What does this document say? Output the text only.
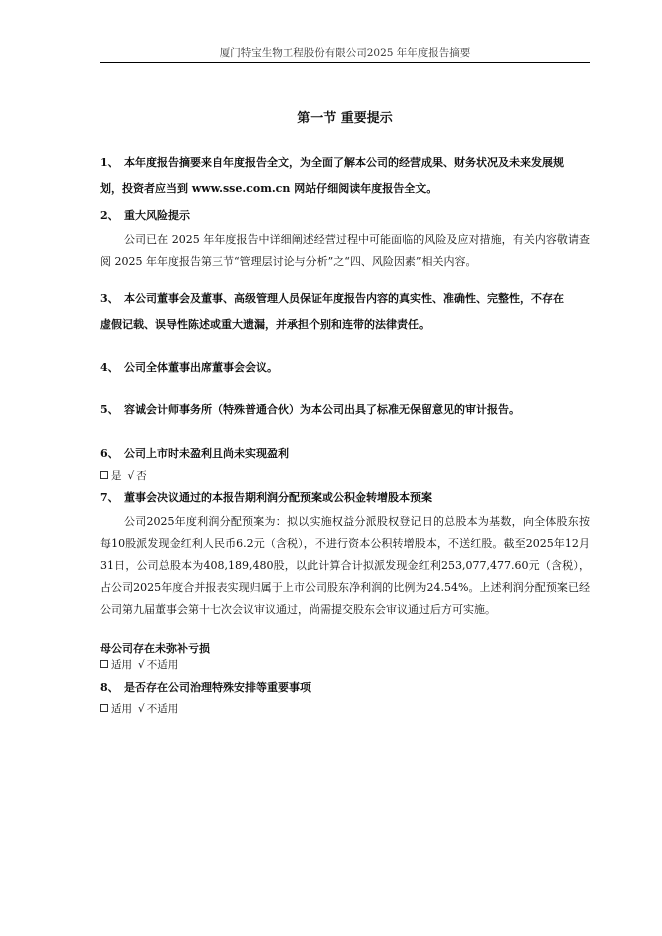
厦门特宝生物工程股份有限公司2025 年年度报告摘要
第一节 重要提示
1、 本年度报告摘要来自年度报告全文，为全面了解本公司的经营成果、财务状况及未来发展规
划，投资者应当到 www.sse.com.cn 网站仔细阅读年度报告全文。
2、 重大风险提示
公司已在 2025 年年度报告中详细阐述经营过程中可能面临的风险及应对措施，有关内容敬请查阅 2025 年年度报告第三节“管理层讨论与分析”之“四、风险因素”相关内容。
3、 本公司董事会及董事、高级管理人员保证年度报告内容的真实性、准确性、完整性，不存在
虚假记载、误导性陈述或重大遗漏，并承担个别和连带的法律责任。
4、 公司全体董事出席董事会会议。
5、 容诚会计师事务所（特殊普通合伙）为本公司出具了标准无保留意见的审计报告。
6、 公司上市时未盈利且尚未实现盈利
是 √ 否
7、 董事会决议通过的本报告期利润分配预案或公积金转增股本预案
公司2025年度利润分配预案为：拟以实施权益分派股权登记日的总股本为基数，向全体股东按每10股派发现金红利人民币6.2元（含税），不进行资本公积转增股本，不送红股。截至2025年12月31日，公司总股本为408,189,480股，以此计算合计拟派发现金红利253,077,477.60元（含税），占公司2025年度合并报表实现归属于上市公司股东净利润的比例为24.54%。上述利润分配预案已经公司第九届董事会第十七次会议审议通过，尚需提交股东会审议通过后方可实施。
母公司存在未弥补亏损
适用 √ 不适用
8、 是否存在公司治理特殊安排等重要事项
适用 √ 不适用
